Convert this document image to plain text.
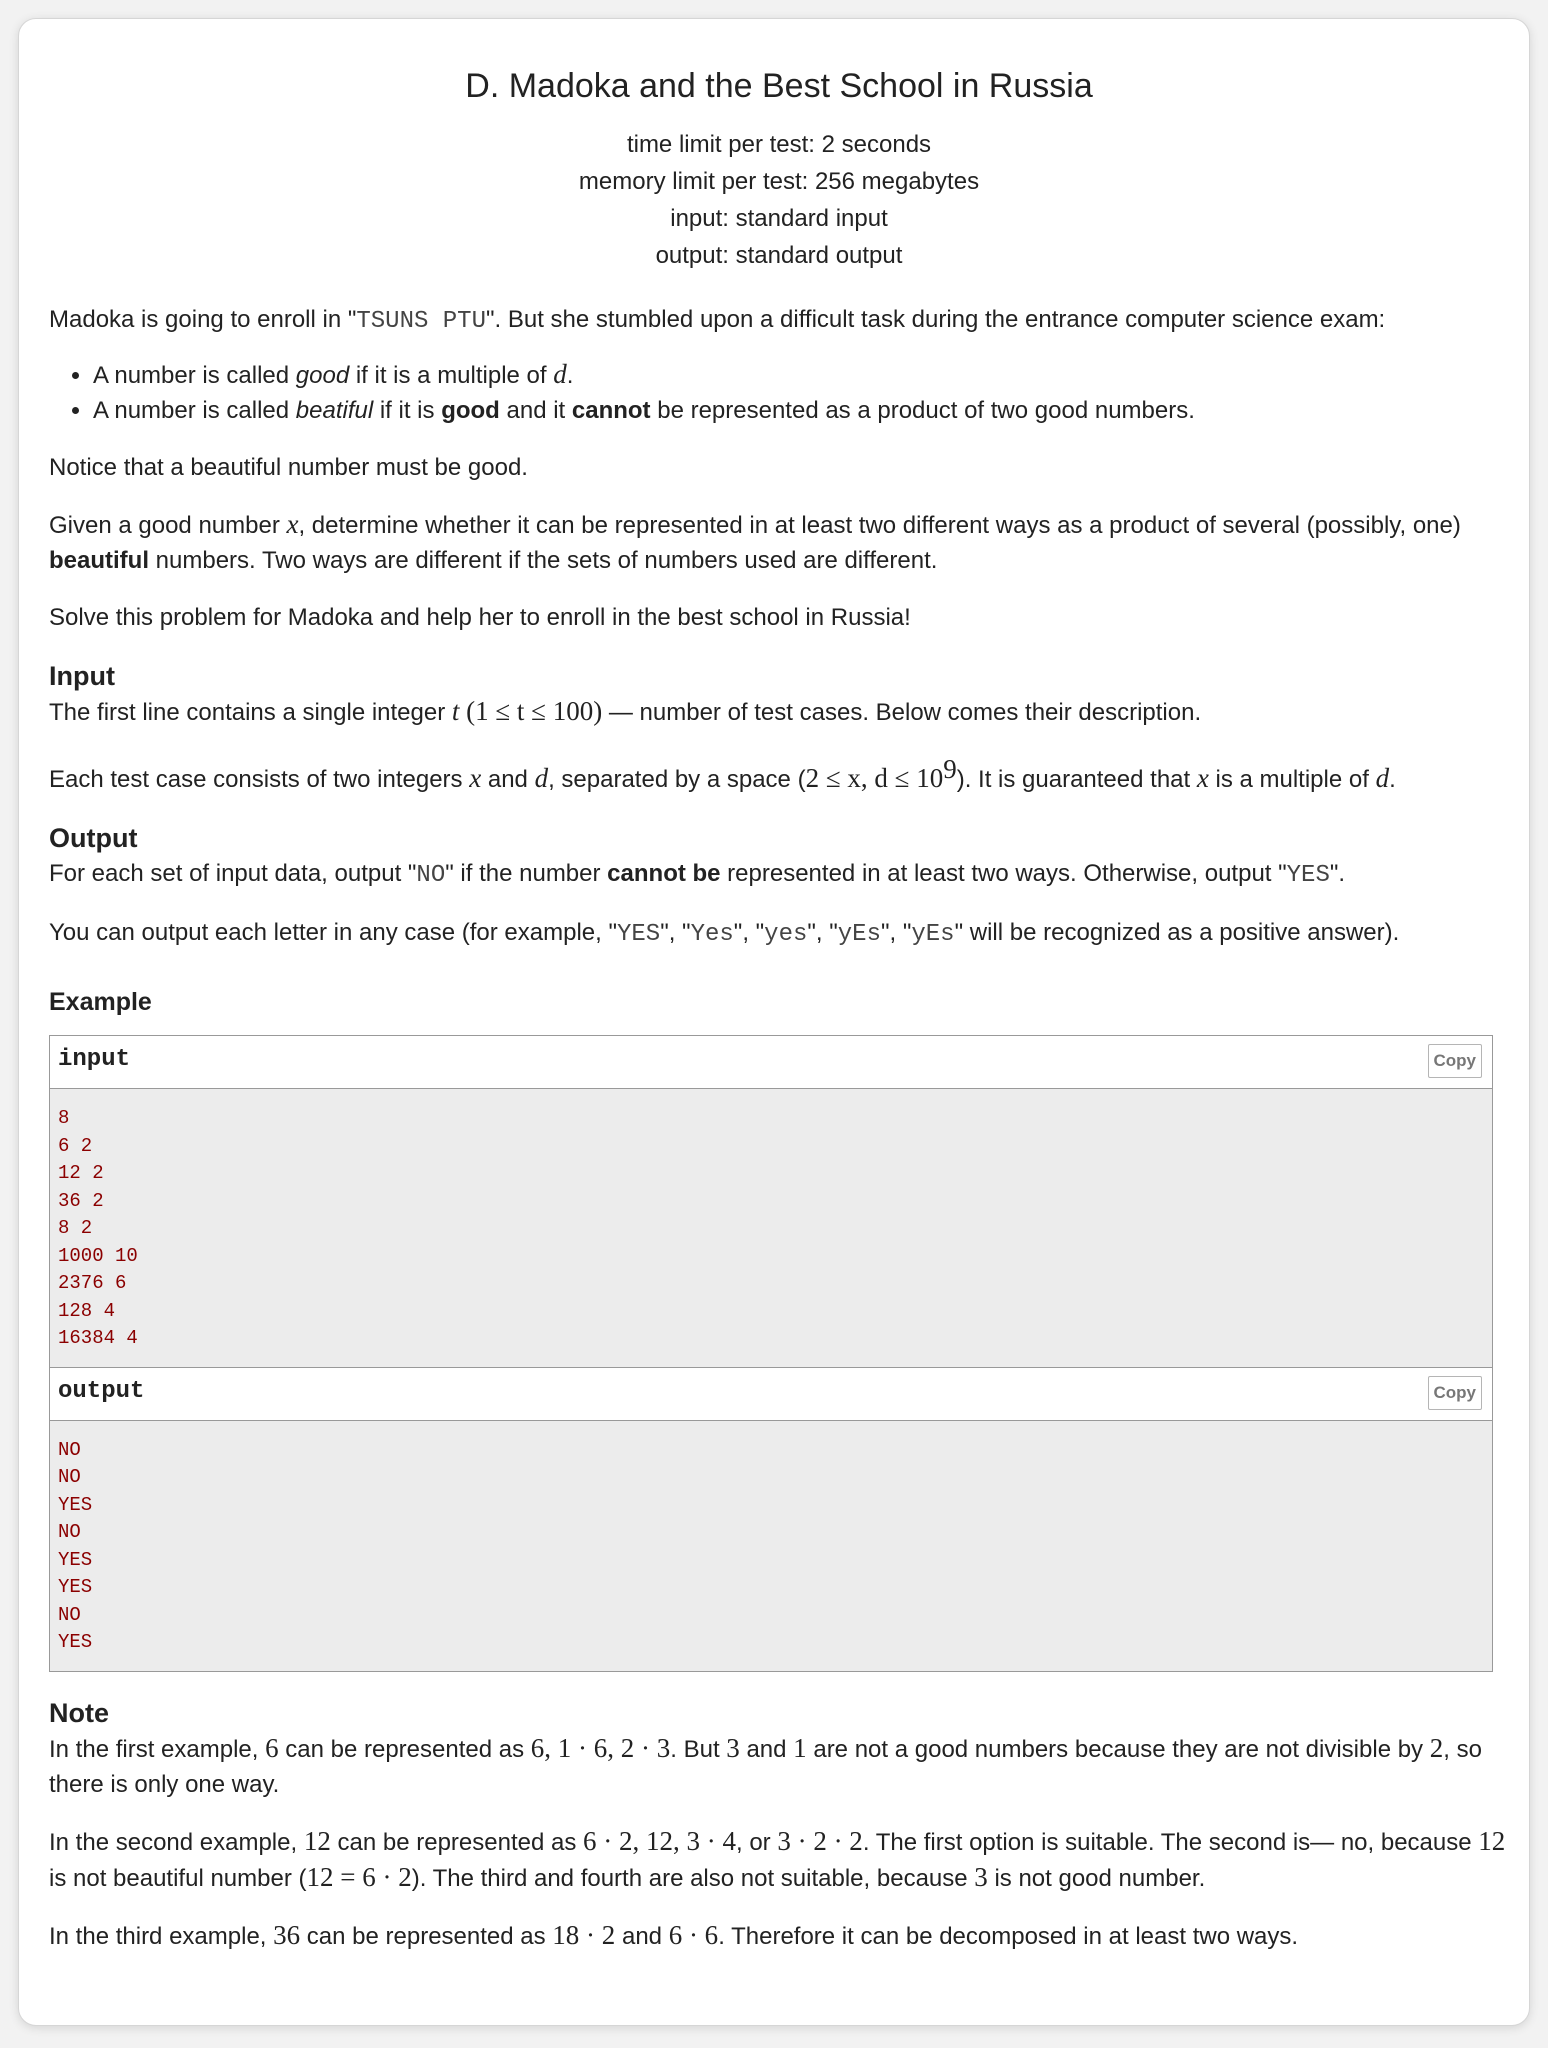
D. Madoka and the Best School in Russia
time limit per test: 2 seconds
memory limit per test: 256 megabytes
input: standard input
output: standard output

Madoka is going to enroll in "TSUNS PTU". But she stumbled upon a difficult task during the entrance computer science exam:

• A number is called good if it is a multiple of d.
• A number is called beatiful if it is good and it cannot be represented as a product of two good numbers.

Notice that a beautiful number must be good.

Given a good number x, determine whether it can be represented in at least two different ways as a product of several (possibly, one) beautiful numbers. Two ways are different if the sets of numbers used are different.

Solve this problem for Madoka and help her to enroll in the best school in Russia!

Input

The first line contains a single integer t (1 ≤ t ≤ 100) — number of test cases. Below comes their description.

Each test case consists of two integers x and d, separated by a space (2 ≤ x, $d \le 10^9$). It is guaranteed that x is a multiple of d.

Output

For each set of input data, output "NO" if the number cannot be represented in at least two ways. Otherwise, output "YES".

You can output each letter in any case (for example, "YES", "Yes", "yes", "yEs", "yEs" will be recognized as a positive answer).

Example
input	Copy
8
6 2
12 2
36 2
8 2
1000 10
2376 6
128 4
16384 4
output	Copy
NO
NO
YES
NO
YES
YES
NO
YES
Note

In the first example, 6 can be represented as 6, 1 · 6, 2 · 3. But 3 and 1 are not a good numbers because they are not divisible by 2, so there is only one way.

In the second example, 12 can be represented as 6 · 2, 12, 3 · 4, or 3 · 2 · 2. The first option is suitable. The second is— no, because 12 is not beautiful number (12 = 6 · 2). The third and fourth are also not suitable, because 3 is not good number.

In the third example, 36 can be represented as 18 · 2 and 6 · 6. Therefore it can be decomposed in at least two ways.
